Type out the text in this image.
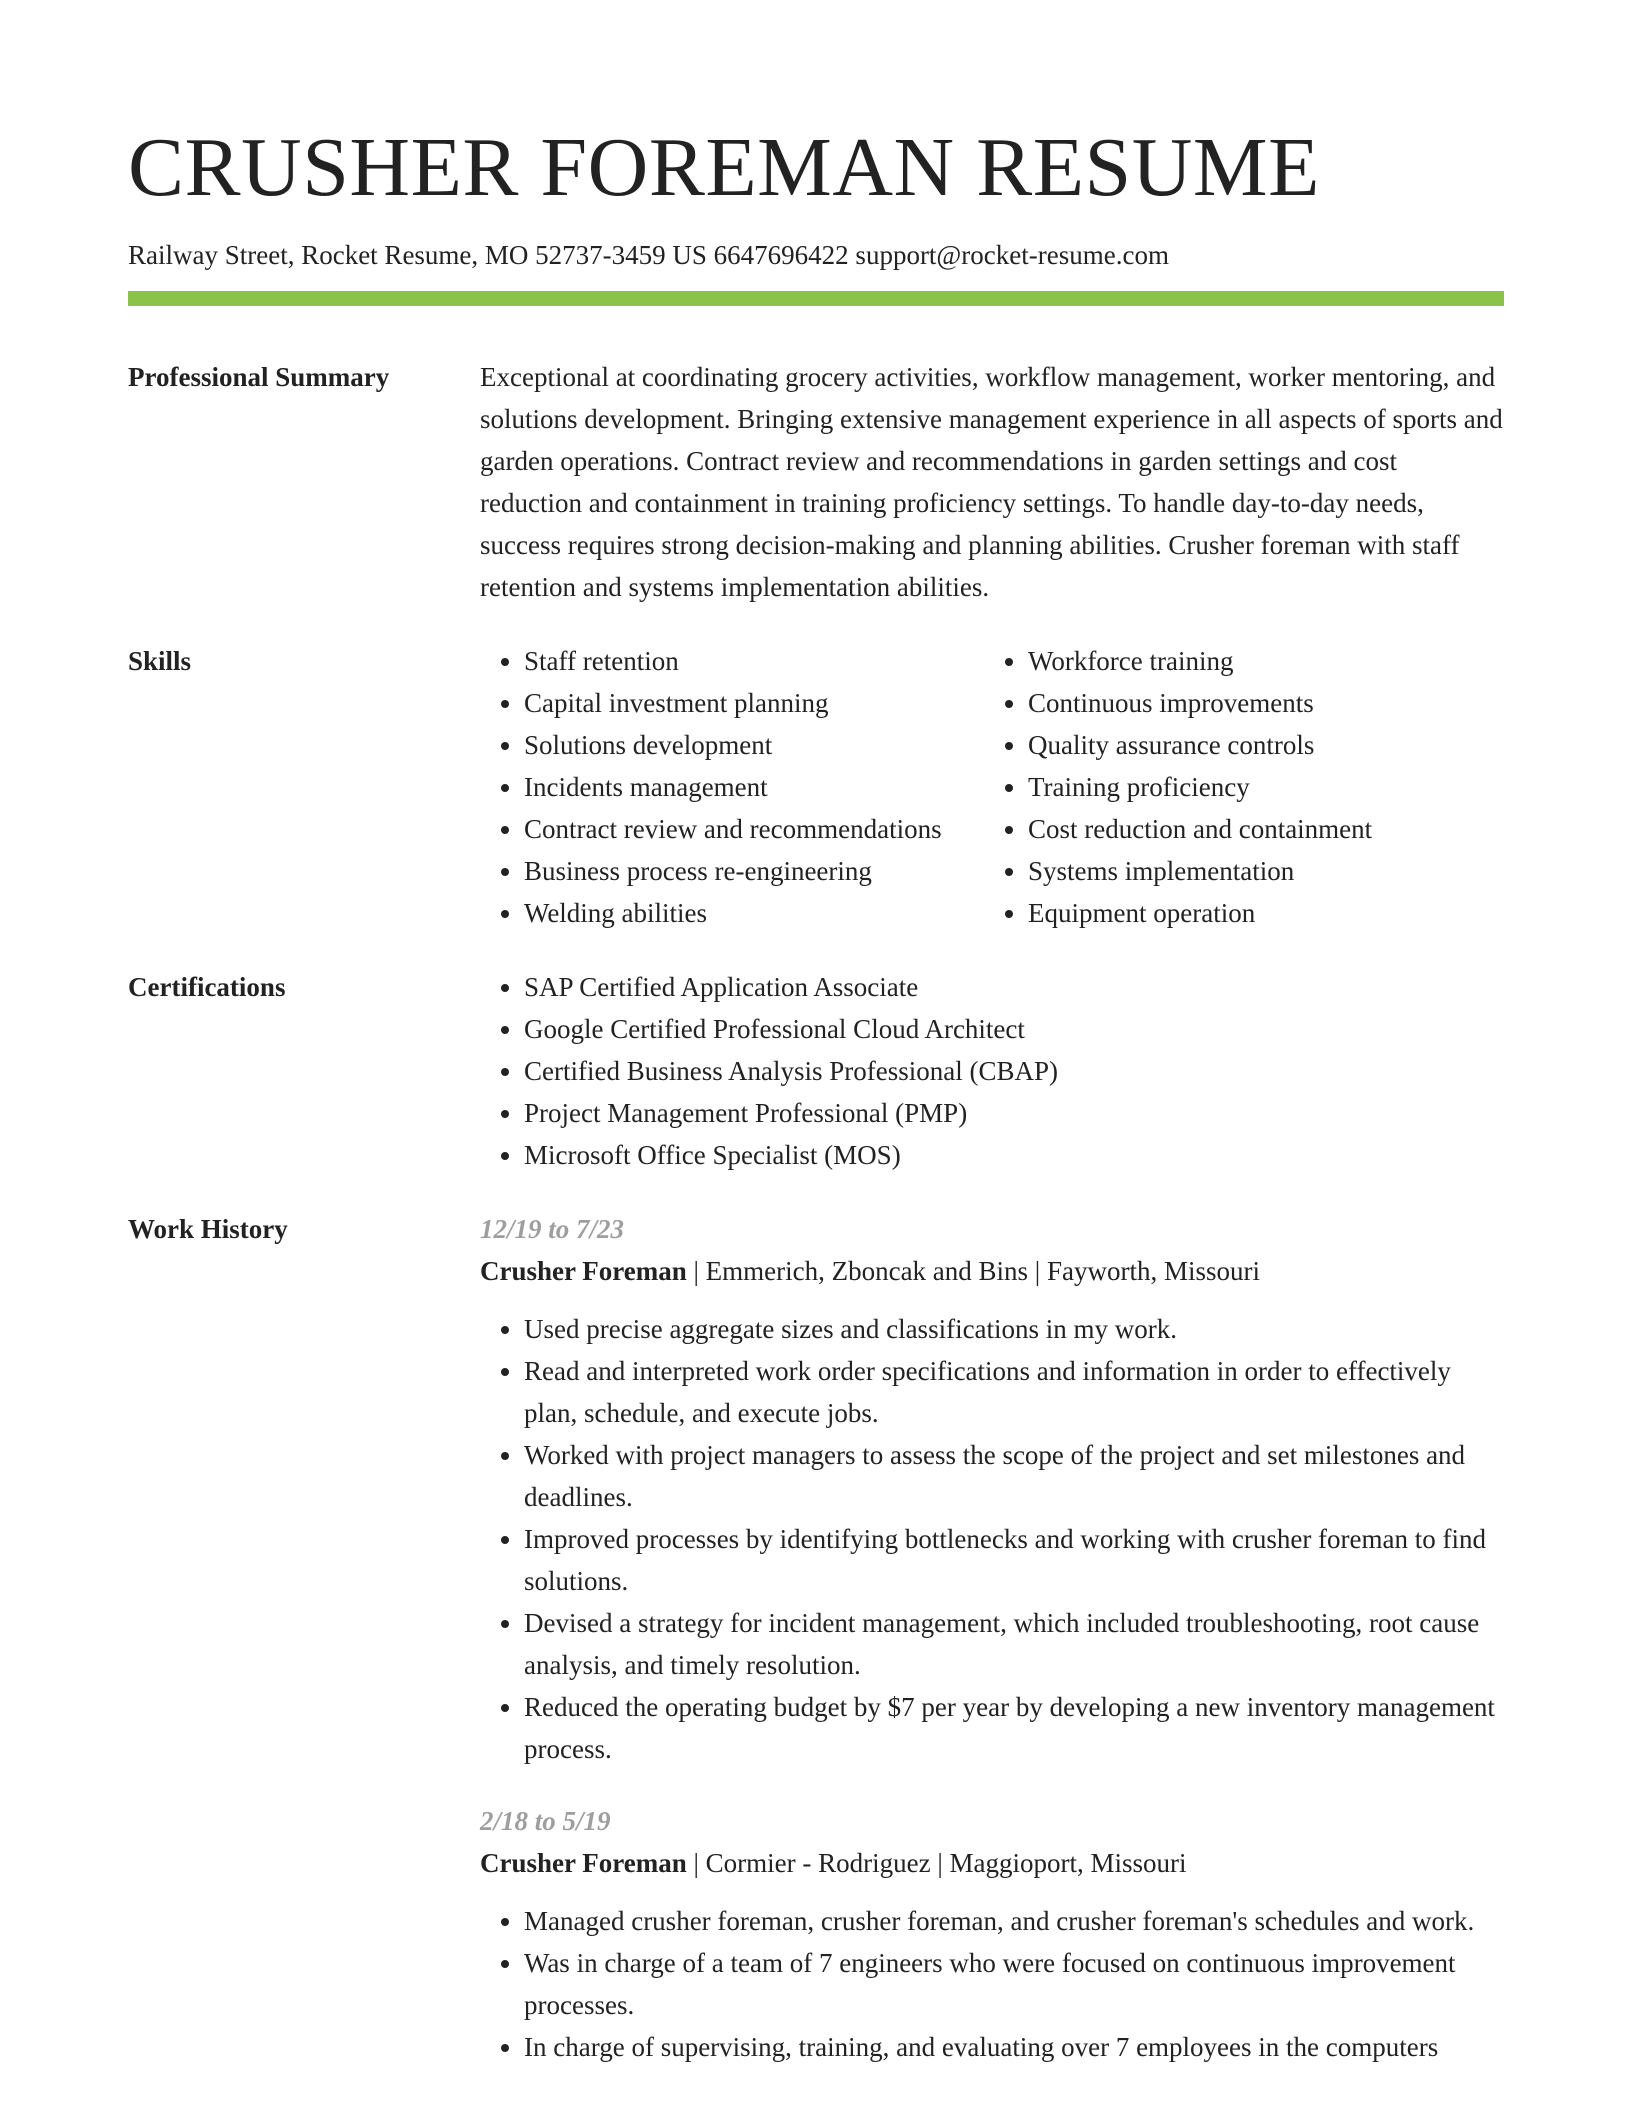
CRUSHER FOREMAN RESUME
Railway Street, Rocket Resume, MO 52737-3459 US 6647696422 support@rocket-resume.com
Professional Summary	Exceptional at coordinating grocery activities, workflow management, worker mentoring, and solutions development. Bringing extensive management experience in all aspects of sports and garden operations. Contract review and recommendations in garden settings and cost reduction and containment in training proficiency settings. To handle day-to-day needs, success requires strong decision-making and planning abilities. Crusher foreman with staff retention and systems implementation abilities.

Skills	• Staff retention
• Capital investment planning
• Solutions development
• Incidents management
• Contract review and recommendations
• Business process re-engineering
• Welding abilities
• Workforce training
• Continuous improvements
• Quality assurance controls
• Training proficiency
• Cost reduction and containment
• Systems implementation
• Equipment operation
Certifications	• SAP Certified Application Associate
• Google Certified Professional Cloud Architect
• Certified Business Analysis Professional (CBAP)
• Project Management Professional (PMP)
• Microsoft Office Specialist (MOS)
Work History	12/19 to 7/23
Crusher Foreman | Emmerich, Zboncak and Bins | Fayworth, Missouri
• Used precise aggregate sizes and classifications in my work.
• Read and interpreted work order specifications and information in order to effectively plan, schedule, and execute jobs.
• Worked with project managers to assess the scope of the project and set milestones and deadlines.
• Improved processes by identifying bottlenecks and working with crusher foreman to find solutions.
• Devised a strategy for incident management, which included troubleshooting, root cause analysis, and timely resolution.
• Reduced the operating budget by $7 per year by developing a new inventory management process.
2/18 to 5/19
Crusher Foreman | Cormier - Rodriguez | Maggioport, Missouri
• Managed crusher foreman, crusher foreman, and crusher foreman's schedules and work.
• Was in charge of a team of 7 engineers who were focused on continuous improvement processes.
• In charge of supervising, training, and evaluating over 7 employees in the computers
